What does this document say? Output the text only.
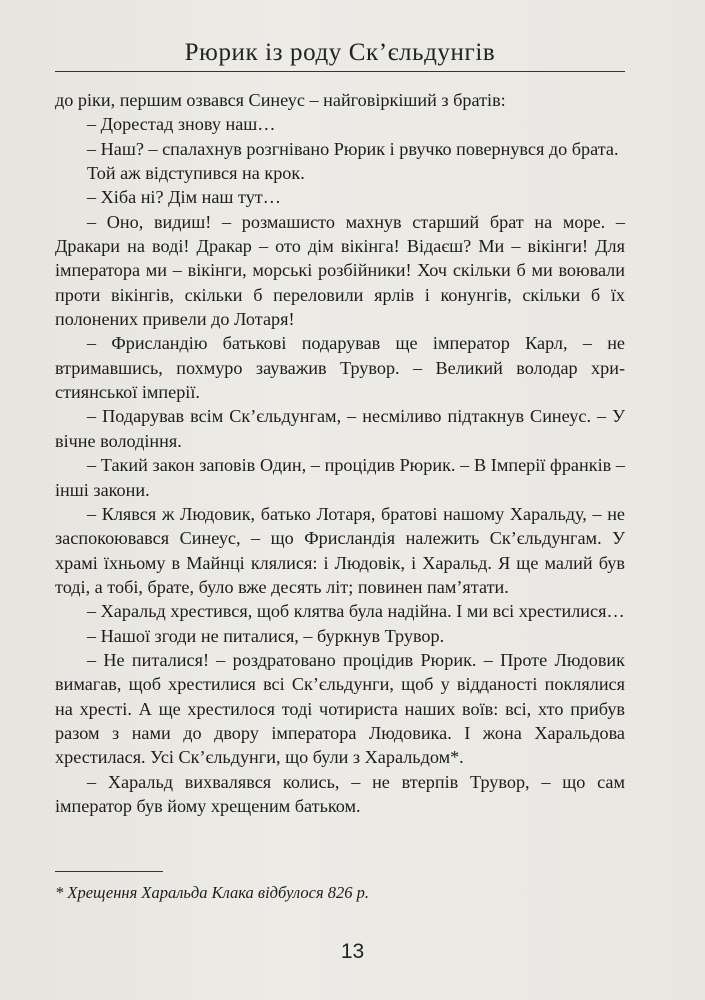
Рюрик із роду Ск’єльдунгів

до ріки, першим озвався Синеус – найговіркіший з братів:

– Дорестад знову наш…

– Наш? – спалахнув розгнівано Рюрик і рвучко повернувся до брата.

Той аж відступився на крок.

– Хіба ні? Дім наш тут…

– Оно, видиш! – розмашисто махнув старший брат на море. – Дракари на воді! Дракар – ото дім вікінга! Відаєш? Ми – вікінги! Для імператора ми – вікінги, морські розбійники! Хоч скільки б ми воювали проти вікінгів, скільки б переловили ярлів і конунгів, скільки б їх полонених привели до Лотаря!

– Фрисландію батькові подарував ще імператор Карл, – не втримавшись, похмуро зауважив Трувор. – Великий володар християнської імперії.

– Подарував всім Ск’єльдунгам, – несміливо підтакнув Синеус. – У вічне володіння.

– Такий закон заповів Один, – процідив Рюрик. – В Імперії франків – інші закони.

– Клявся ж Людовик, батько Лотаря, братові нашому Харальду, – не заспокоювався Синеус, – що Фрисландія належить Ск’єльдунгам. У храмі їхньому в Майнці клялися: і Людовік, і Харальд. Я ще малий був тоді, а тобі, брате, було вже десять літ; повинен пам’ятати.

– Харальд хрестився, щоб клятва була надійна. І ми всі хрестилися…

– Нашої згоди не питалися, – буркнув Трувор.

– Не питалися! – роздратовано процідив Рюрик. – Проте Людовик вимагав, щоб хрестилися всі Ск’єльдунги, щоб у відданості поклялися на хресті. А ще хрестилося тоді чотириста наших воїв: всі, хто прибув разом з нами до двору імператора Людовика. І жона Харальдова хрестилася. Усі Ск’єльдунги, що були з Харальдом*.

– Харальд вихвалявся колись, – не втерпів Трувор, – що сам імператор був йому хрещеним батьком.

* Хрещення Харальда Клака відбулося 826 р.
13
